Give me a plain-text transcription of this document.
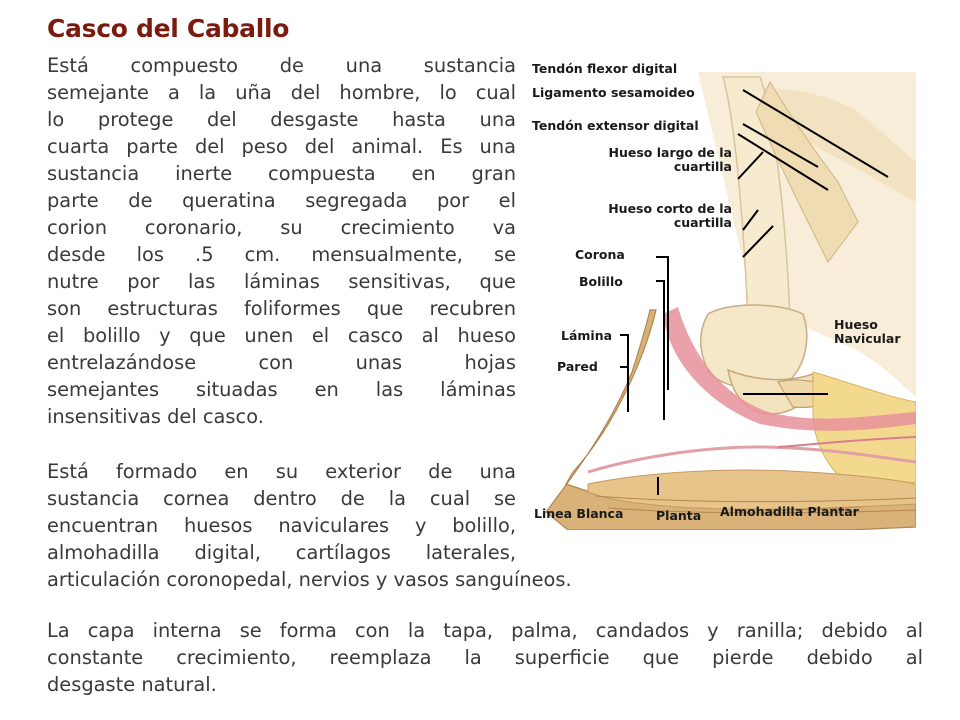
Casco del Caballo

Está compuesto de una sustancia
semejante a la uña del hombre, lo cual
lo protege del desgaste hasta una
cuarta parte del peso del animal. Es una
sustancia inerte compuesta en gran
parte de queratina segregada por el
corion coronario, su crecimiento va
desde los .5 cm. mensualmente, se
nutre por las láminas sensitivas, que
son estructuras foliformes que recubren
el bolillo y que unen el casco al hueso
entrelazándose con unas hojas
semejantes situadas en las láminas
insensitivas del casco.

Está formado en su exterior de una
sustancia cornea dentro de la cual se
encuentran huesos naviculares y bolillo,
almohadilla digital, cartílagos laterales,
articulación coronopedal, nervios y vasos sanguíneos.

La capa interna se forma con la tapa, palma, candados y ranilla; debido al
constante crecimiento, reemplaza la superficie que pierde debido al
desgaste natural.

Tendón flexor digital
Ligamento sesamoideo
Tendón extensor digital
Hueso largo de la
cuartilla
Hueso corto de la
cuartilla
Corona
Bolillo
Lámina
Pared
Hueso
Navicular
Linea Blanca	Planta Almohadilla Plantar
